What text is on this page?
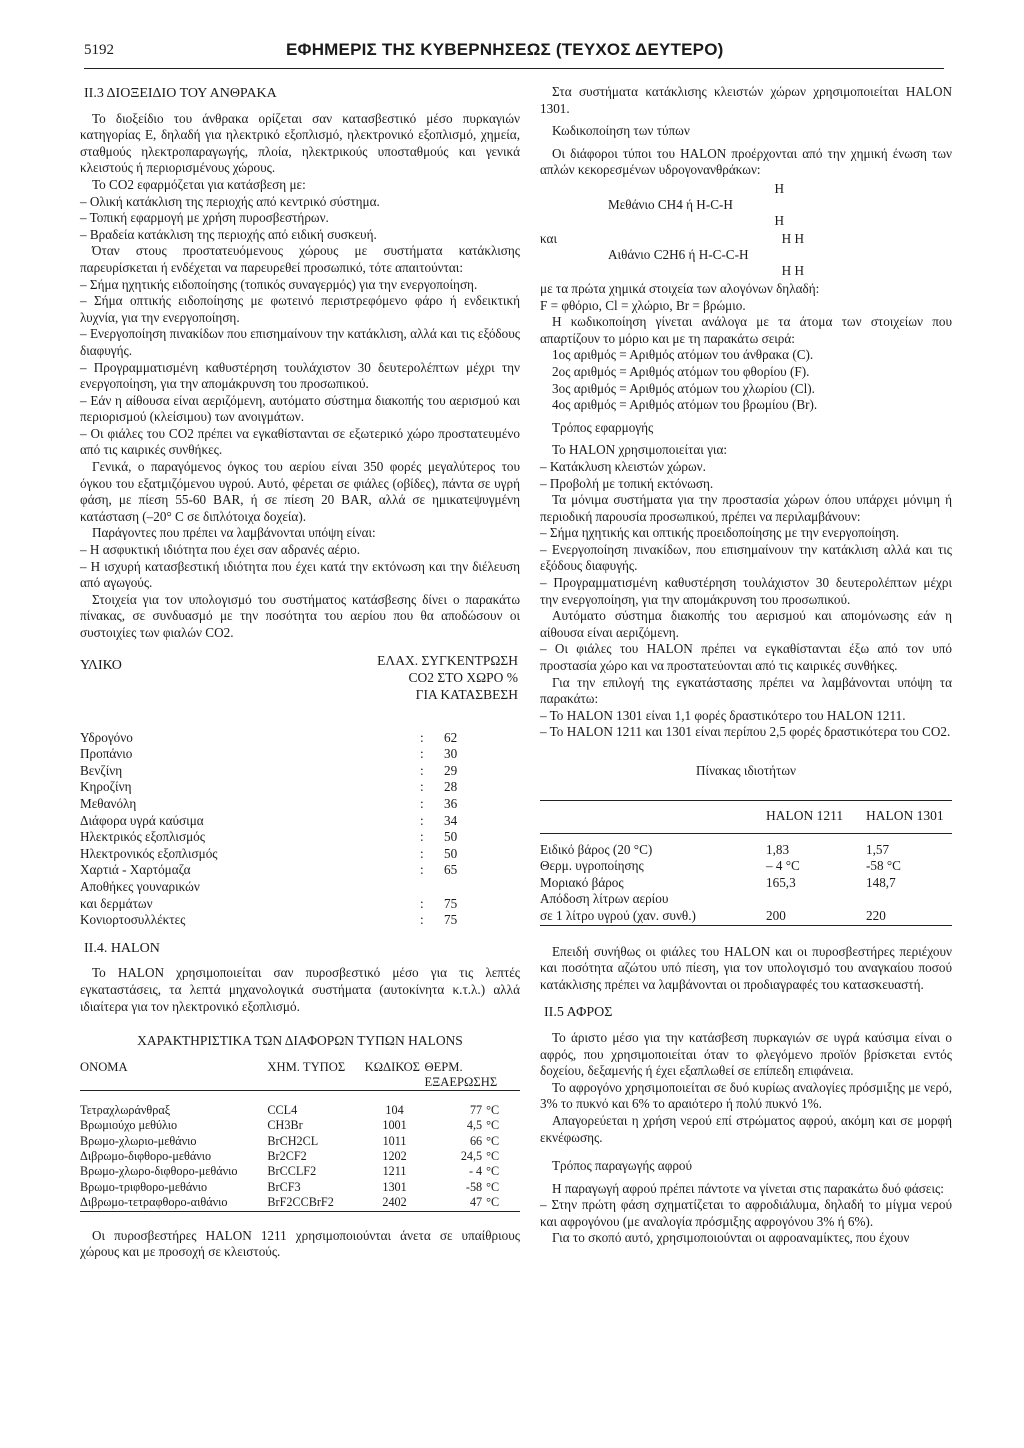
5192	ΕΦΗΜΕΡΙΣ ΤΗΣ ΚΥΒΕΡΝΗΣΕΩΣ (ΤΕΥΧΟΣ ΔΕΥΤΕΡΟ)

ΙΙ.3 ΔΙΟΞΕΙΔΙΟ ΤΟΥ ΑΝΘΡΑΚΑ

Το διοξείδιο του άνθρακα ορίζεται σαν κατασβεστικό μέσο πυρκαγιών κατηγορίας Ε, δηλαδή για ηλεκτρικό εξοπλισμό, ηλεκτρονικό εξοπλισμό, χημεία, σταθμούς ηλεκτροπαραγωγής, πλοία, ηλεκτρικούς υποσταθμούς και γενικά κλειστούς ή περιορισμένους χώρους.

Το CO2 εφαρμόζεται για κατάσβεση με:

– Ολική κατάκλιση της περιοχής από κεντρικό σύστημα.

– Τοπική εφαρμογή με χρήση πυροσβεστήρων.

– Βραδεία κατάκλιση της περιοχής από ειδική συσκευή.

Όταν στους προστατευόμενους χώρους με συστήματα κατάκλισης παρευρίσκεται ή ενδέχεται να παρευρεθεί προσωπικό, τότε απαιτούνται:

– Σήμα ηχητικής ειδοποίησης (τοπικός συναγερμός) για την ενεργοποίηση.

– Σήμα οπτικής ειδοποίησης με φωτεινό περιστρεφόμενο φάρο ή ενδεικτική λυχνία, για την ενεργοποίηση.

– Ενεργοποίηση πινακίδων που επισημαίνουν την κατάκλιση, αλλά και τις εξόδους διαφυγής.

– Προγραμματισμένη καθυστέρηση τουλάχιστον 30 δευτερολέπτων μέχρι την ενεργοποίηση, για την απομάκρυνση του προσωπικού.

– Εάν η αίθουσα είναι αεριζόμενη, αυτόματο σύστημα διακοπής του αερισμού και περιορισμού (κλείσιμου) των ανοιγμάτων.

– Οι φιάλες του CO2 πρέπει να εγκαθίστανται σε εξωτερικό χώρο προστατευμένο από τις καιρικές συνθήκες.

Γενικά, ο παραγόμενος όγκος του αερίου είναι 350 φορές μεγαλύτερος του όγκου του εξατμιζόμενου υγρού. Αυτό, φέρεται σε φιάλες (οβίδες), πάντα σε υγρή φάση, με πίεση 55-60 BAR, ή σε πίεση 20 BAR, αλλά σε ημικατεψυγμένη κατάσταση (–20° C σε διπλότοιχα δοχεία).

Παράγοντες που πρέπει να λαμβάνονται υπόψη είναι:

– Η ασφυκτική ιδιότητα που έχει σαν αδρανές αέριο.

– Η ισχυρή κατασβεστική ιδιότητα που έχει κατά την εκτόνωση και την διέλευση από αγωγούς.

Στοιχεία για τον υπολογισμό του συστήματος κατάσβεσης δίνει ο παρακάτω πίνακας, σε συνδυασμό με την ποσότητα του αερίου που θα αποδώσουν οι συστοιχίες των φιαλών CO2.

ΥΛΙΚΟ	ΕΛΑΧ. ΣΥΓΚΕΝΤΡΩΣΗ
CO2 ΣΤΟ ΧΩΡΟ %
ΓΙΑ ΚΑΤΑΣΒΕΣΗ
Υδρογόνο	:	62
Προπάνιο	:	30
Βενζίνη	:	29
Κηροζίνη	:	28
Μεθανόλη	:	36
Διάφορα υγρά καύσιμα	:	34
Ηλεκτρικός εξοπλισμός	:	50
Ηλεκτρονικός εξοπλισμός	:	50
Χαρτιά - Χαρτόμαζα	:	65
Αποθήκες γουναρικών
και δερμάτων	:	75
Κονιορτοσυλλέκτες	:	75

ΙΙ.4. HALON

Το HALON χρησιμοποιείται σαν πυροσβεστικό μέσο για τις λεπτές εγκαταστάσεις, τα λεπτά μηχανολογικά συστήματα (αυτοκίνητα κ.τ.λ.) αλλά ιδιαίτερα για τον ηλεκτρονικό εξοπλισμό.

ΧΑΡΑΚΤΗΡΙΣΤΙΚΑ ΤΩΝ ΔΙΑΦΟΡΩΝ ΤΥΠΩΝ HALONS

ΟΝΟΜΑ	ΧΗΜ. ΤΥΠΟΣ	ΚΩΔΙΚΟΣ	ΘΕΡΜ. ΕΞΑΕΡΩΣΗΣ	

Τετραχλωράνθραξ	CCL4	104	77	°C
Βρωμιούχο μεθύλιο	CH3Br	1001	4,5	°C
Βρωμο-χλωριο-μεθάνιο	BrCH2CL	1011	66	°C
Διβρωμο-διφθορο-μεθάνιο	Br2CF2	1202	24,5	°C
Βρωμο-χλωρο-διφθορο-μεθάνιο	BrCCLF2	1211	- 4	°C
Βρωμο-τριφθορο-μεθάνιο	BrCF3	1301	-58	°C
Διβρωμο-τετραφθορο-αιθάνιο	BrF2CCBrF2	2402	47	°C

Οι πυροσβεστήρες HALON 1211 χρησιμοποιούνται άνετα σε υπαίθριους χώρους και με προσοχή σε κλειστούς.

Στα συστήματα κατάκλισης κλειστών χώρων χρησιμοποιείται HALON 1301.

Κωδικοποίηση των τύπων

Οι διάφοροι τύποι του HALON προέρχονται από την χημική ένωση των απλών κεκορεσμένων υδρογονανθράκων:

H
Μεθάνιο CH4 ή H-C-H
H
και	H H
Αιθάνιο C2H6 ή H-C-C-H
H H

με τα πρώτα χημικά στοιχεία των αλογόνων δηλαδή:

F = φθόριο, Cl = χλώριο, Br = βρώμιο.

Η κωδικοποίηση γίνεται ανάλογα με τα άτομα των στοιχείων που απαρτίζουν το μόριο και με τη παρακάτω σειρά:

1ος αριθμός = Αριθμός ατόμων του άνθρακα (C).

2ος αριθμός = Αριθμός ατόμων του φθορίου (F).

3ος αριθμός = Αριθμός ατόμων του χλωρίου (Cl).

4ος αριθμός = Αριθμός ατόμων του βρωμίου (Br).

Τρόπος εφαρμογής

Το HALON χρησιμοποιείται για:

– Κατάκλυση κλειστών χώρων.

– Προβολή με τοπική εκτόνωση.

Τα μόνιμα συστήματα για την προστασία χώρων όπου υπάρχει μόνιμη ή περιοδική παρουσία προσωπικού, πρέπει να περιλαμβάνουν:

– Σήμα ηχητικής και οπτικής προειδοποίησης με την ενεργοποίηση.

– Ενεργοποίηση πινακίδων, που επισημαίνουν την κατάκλιση αλλά και τις εξόδους διαφυγής.

– Προγραμματισμένη καθυστέρηση τουλάχιστον 30 δευτερολέπτων μέχρι την ενεργοποίηση, για την απομάκρυνση του προσωπικού.

Αυτόματο σύστημα διακοπής του αερισμού και απομόνωσης εάν η αίθουσα είναι αεριζόμενη.

– Οι φιάλες του HALON πρέπει να εγκαθίστανται έξω από τον υπό προστασία χώρο και να προστατεύονται από τις καιρικές συνθήκες.

Για την επιλογή της εγκατάστασης πρέπει να λαμβάνονται υπόψη τα παρακάτω:

– Το HALON 1301 είναι 1,1 φορές δραστικότερο του HALON 1211.

– Το HALON 1211 και 1301 είναι περίπου 2,5 φορές δραστικότερα του CO2.

Πίνακας ιδιοτήτων

	HALON 1211	HALON 1301
Ειδικό βάρος (20 °C)	1,83	1,57
Θερμ. υγροποίησης	– 4 °C	-58 °C
Μοριακό βάρος	165,3	148,7
Απόδοση λίτρων αερίου		
σε 1 λίτρο υγρού (χαν. συνθ.)	200	220

Επειδή συνήθως οι φιάλες του HALON και οι πυροσβεστήρες περιέχουν και ποσότητα αζώτου υπό πίεση, για τον υπολογισμό του αναγκαίου ποσού κατάκλισης πρέπει να λαμβάνονται οι προδιαγραφές του κατασκευαστή.

ΙΙ.5 ΑΦΡΟΣ

Το άριστο μέσο για την κατάσβεση πυρκαγιών σε υγρά καύσιμα είναι ο αφρός, που χρησιμοποιείται όταν το φλεγόμενο προϊόν βρίσκεται εντός δοχείου, δεξαμενής ή έχει εξαπλωθεί σε επίπεδη επιφάνεια.

Το αφρογόνο χρησιμοποιείται σε δυό κυρίως αναλογίες πρόσμιξης με νερό, 3% το πυκνό και 6% το αραιότερο ή πολύ πυκνό 1%.

Απαγορεύεται η χρήση νερού επί στρώματος αφρού, ακόμη και σε μορφή εκνέφωσης.

Τρόπος παραγωγής αφρού

Η παραγωγή αφρού πρέπει πάντοτε να γίνεται στις παρακάτω δυό φάσεις:

– Στην πρώτη φάση σχηματίζεται το αφροδιάλυμα, δηλαδή το μίγμα νερού και αφρογόνου (με αναλογία πρόσμιξης αφρογόνου 3% ή 6%).

Για το σκοπό αυτό, χρησιμοποιούνται οι αφροαναμίκτες, που έχουν
